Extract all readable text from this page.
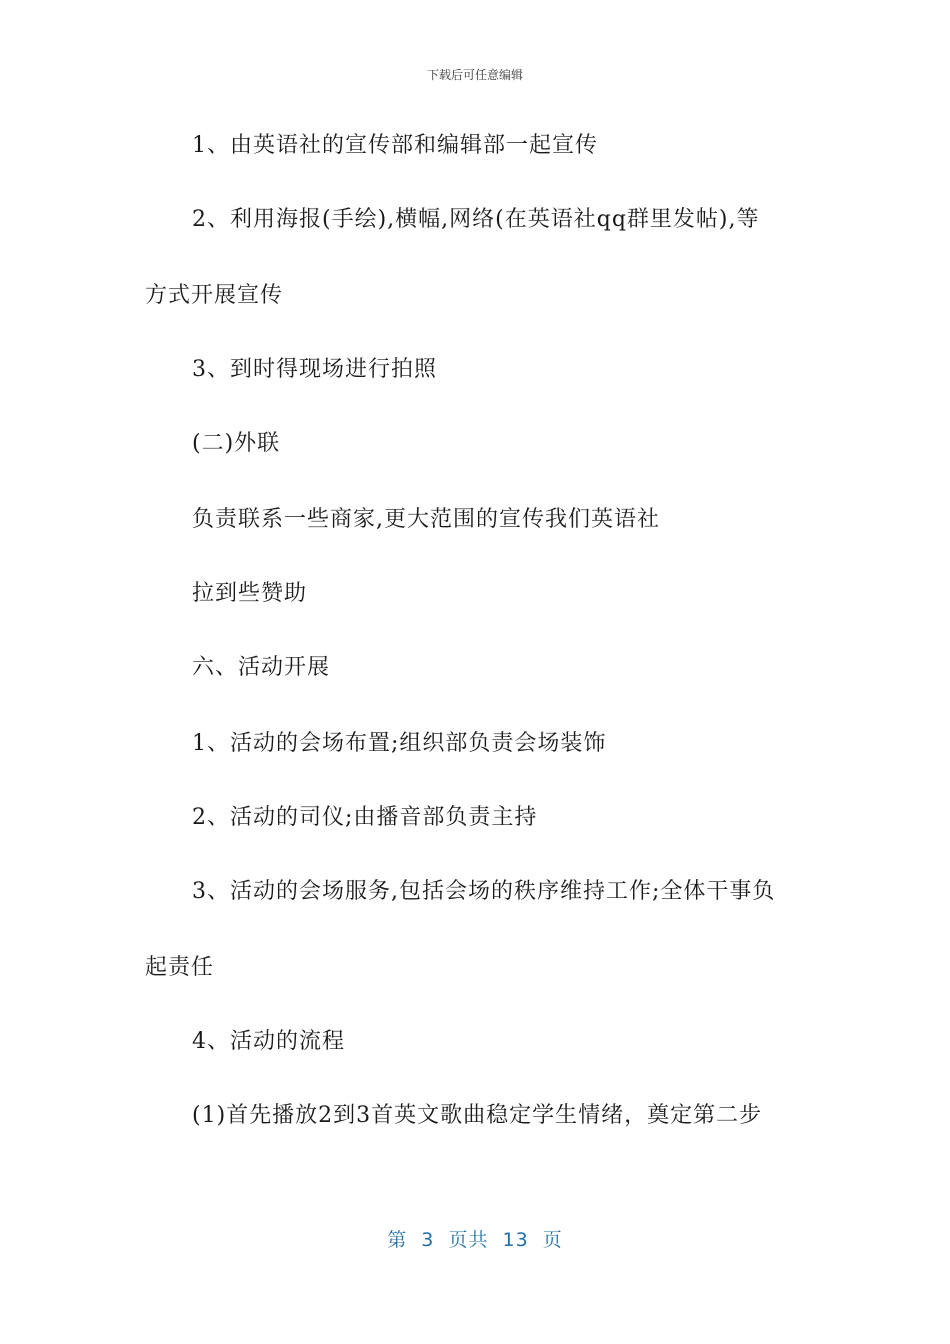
下载后可任意编辑
1、由英语社的宣传部和编辑部一起宣传
2、利用海报(手绘),横幅,网络(在英语社qq群里发帖),等
方式开展宣传
3、到时得现场进行拍照
(二)外联
负责联系一些商家,更大范围的宣传我们英语社
拉到些赞助
六、活动开展
1、活动的会场布置;组织部负责会场装饰
2、活动的司仪;由播音部负责主持
3、活动的会场服务,包括会场的秩序维持工作;全体干事负
起责任
4、活动的流程
(1)首先播放2到3首英文歌曲稳定学生情绪，奠定第二步
第  3  页共  13  页
